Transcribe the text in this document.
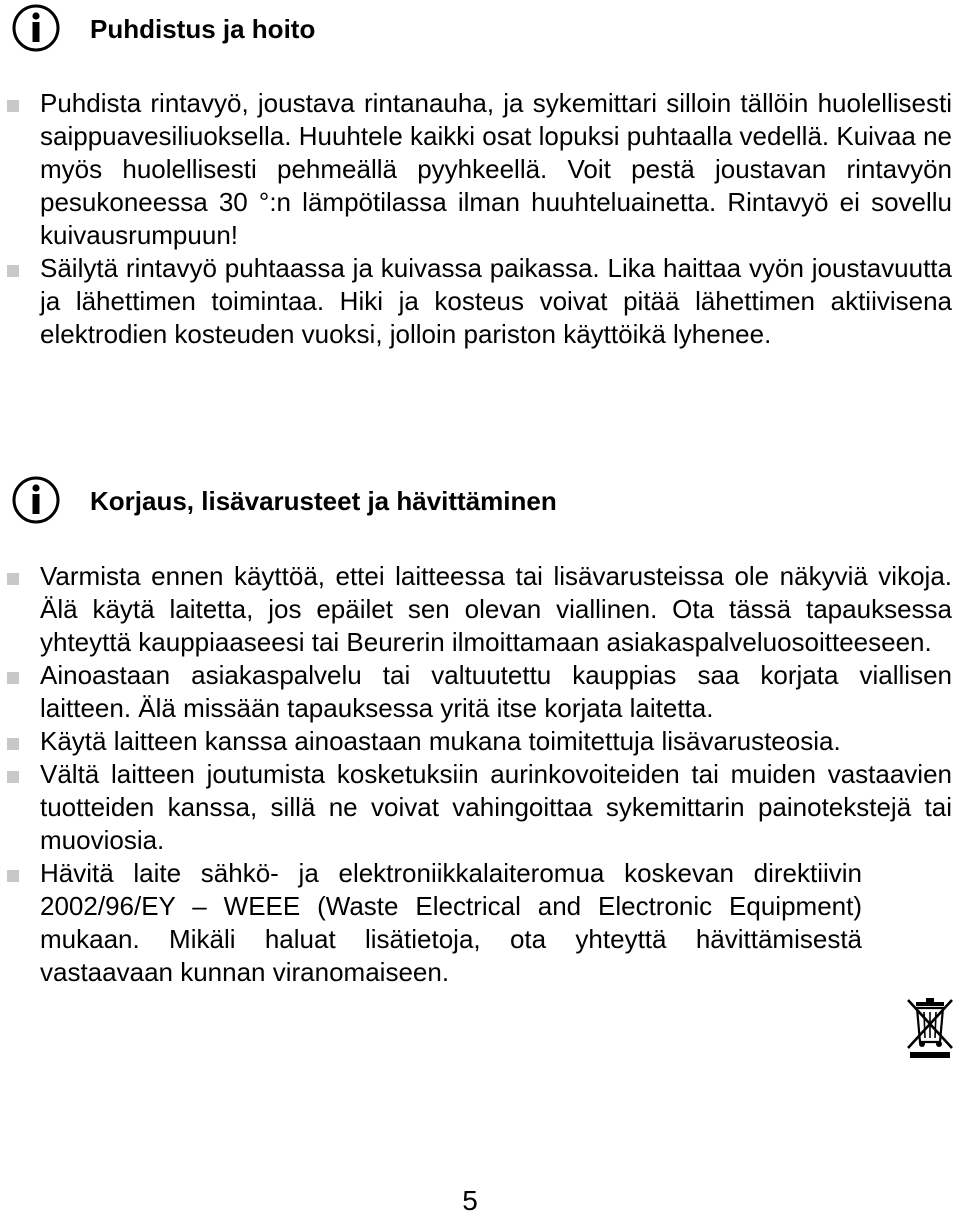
Puhdistus ja hoito
Puhdista rintavyö, joustava rintanauha, ja sykemittari silloin tällöin huolellisesti saippuavesiliuoksella. Huuhtele kaikki osat lopuksi puhtaalla vedellä. Kuivaa ne myös huolellisesti pehmeällä pyyhkeellä. Voit pestä joustavan rintavyön pesukoneessa 30 °:n lämpötilassa ilman huuhteluainetta. Rintavyö ei sovellu kuivausrumpuun!
Säilytä rintavyö puhtaassa ja kuivassa paikassa. Lika haittaa vyön joustavuutta ja lähettimen toimintaa. Hiki ja kosteus voivat pitää lähettimen aktiivisena elektrodien kosteuden vuoksi, jolloin pariston käyttöikä lyhenee.
Korjaus, lisävarusteet ja hävittäminen
Varmista ennen käyttöä, ettei laitteessa tai lisävarusteissa ole näkyviä vikoja. Älä käytä laitetta, jos epäilet sen olevan viallinen. Ota tässä tapauksessa yhteyttä kauppiaaseesi tai Beurerin ilmoittamaan asiakaspalveluosoitteeseen.
Ainoastaan asiakaspalvelu tai valtuutettu kauppias saa korjata viallisen laitteen. Älä missään tapauksessa yritä itse korjata laitetta.
Käytä laitteen kanssa ainoastaan mukana toimitettuja lisävarusteosia.
Vältä laitteen joutumista kosketuksiin aurinkovoiteiden tai muiden vastaavien tuotteiden kanssa, sillä ne voivat vahingoittaa sykemittarin painotekstejä tai muoviosia.
Hävitä laite sähkö- ja elektroniikkalaiteromua koskevan direktiivin 2002/96/EY – WEEE (Waste Electrical and Electronic Equipment) mukaan. Mikäli haluat lisätietoja, ota yhteyttä hävittämisestä vastaavaan kunnan viranomaiseen.
5
